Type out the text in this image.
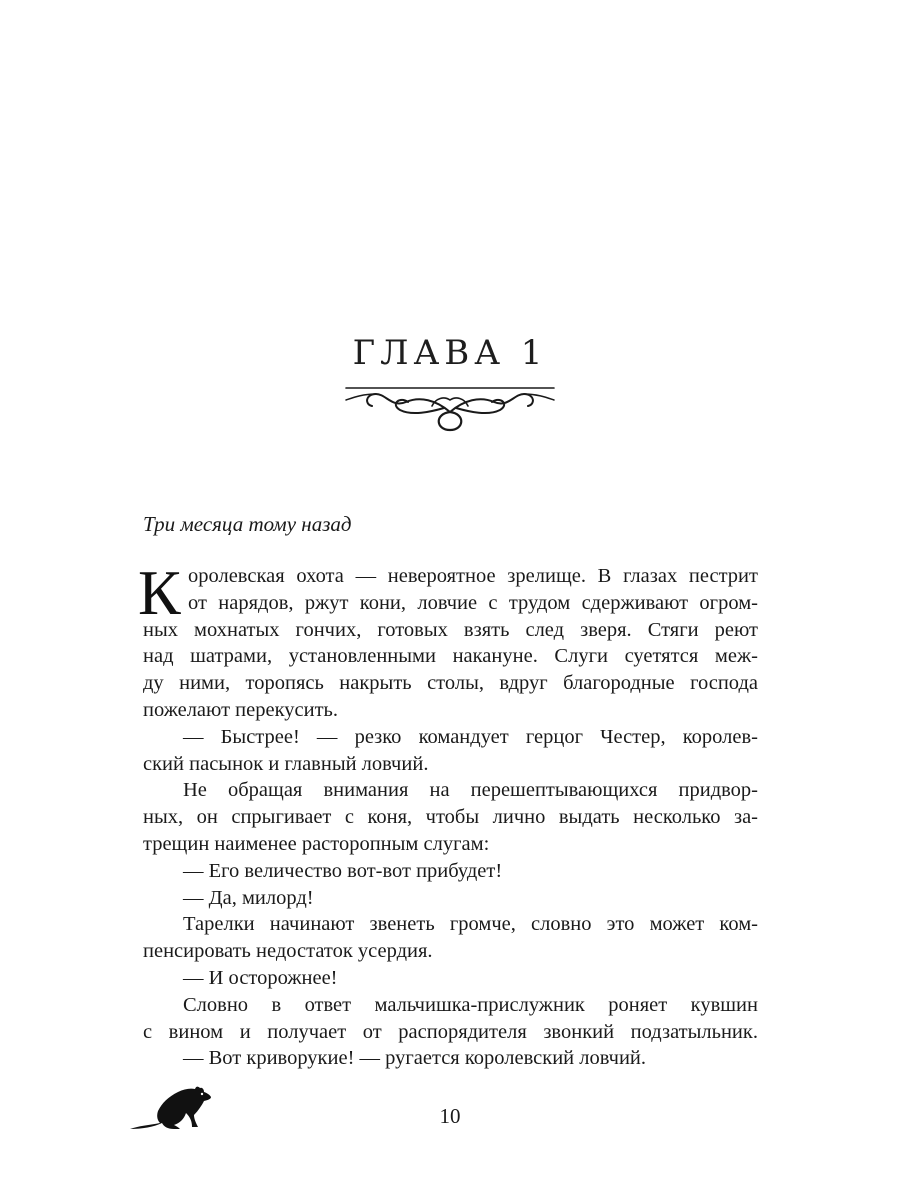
ГЛАВА 1
Три месяца тому назад
К оролевская охота — невероятное зрелище. В глазах пестрит
от нарядов, ржут кони, ловчие с трудом сдерживают огром-
ных мохнатых гончих, готовых взять след зверя. Стяги реют
над шатрами, установленными накануне. Слуги суетятся меж-
ду ними, торопясь накрыть столы, вдруг благородные господа
пожелают перекусить.
— Быстрее! — резко командует герцог Честер, королев-
ский пасынок и главный ловчий.
Не обращая внимания на перешептывающихся придвор-
ных, он спрыгивает с коня, чтобы лично выдать несколько за-
трещин наименее расторопным слугам:
— Его величество вот-вот прибудет!
— Да, милорд!
Тарелки начинают звенеть громче, словно это может ком-
пенсировать недостаток усердия.
— И осторожнее!
Словно в ответ мальчишка-прислужник роняет кувшин
с вином и получает от распорядителя звонкий подзатыльник.
— Вот криворукие! — ругается королевский ловчий.
10
